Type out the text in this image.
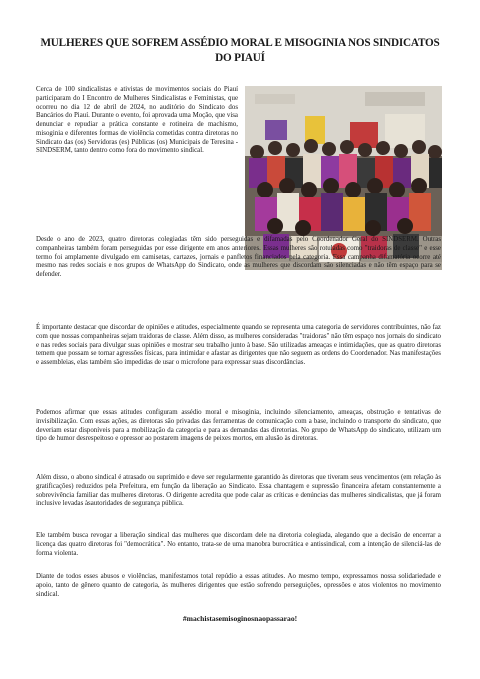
MULHERES QUE SOFREM ASSÉDIO MORAL E MISOGINIA NOS SINDICATOS DO PIAUÍ

Cerca de 100 sindicalistas e ativistas de movimentos sociais do Piauí participaram do I Encontro de Mulheres Sindicalistas e Feministas, que ocorreu no dia 12 de abril de 2024, no auditório do Sindicato dos Bancários do Piauí. Durante o evento, foi aprovada uma Moção, que visa denunciar e repudiar a prática constante e rotineira de machismo, misoginia e diferentes formas de violência cometidas contra diretoras no Sindicato das (os) Servidoras (es) Públicas (os) Municipais de Teresina - SINDSERM, tanto dentro como fora do movimento sindical.

Desde o ano de 2023, quatro diretoras colegiadas têm sido perseguidas e difamadas pelo Coordenador Geral do SINDSERM. Outras companheiras também foram perseguidas por esse dirigente em anos anteriores. Essas mulheres são rotuladas como "traidoras de classe" e esse termo foi amplamente divulgado em camisetas, cartazes, jornais e panfletos financiados pela categoria. Essa campanha difamatória ocorre até mesmo nas redes sociais e nos grupos de WhatsApp do Sindicato, onde as mulheres que discordam são silenciadas e não têm espaço para se defender.

É importante destacar que discordar de opiniões e atitudes, especialmente quando se representa uma categoria de servidores contribuintes, não faz com que nossas companheiras sejam traidoras de classe. Além disso, as mulheres consideradas "traidoras" não têm espaço nos jornais do sindicato e nas redes sociais para divulgar suas opiniões e mostrar seu trabalho junto à base. São utilizadas ameaças e intimidações, que as quatro diretoras temem que possam se tornar agressões físicas, para intimidar e afastar as dirigentes que não seguem as ordens do Coordenador. Nas manifestações e assembleias, elas também são impedidas de usar o microfone para expressar suas discordâncias.

Podemos afirmar que essas atitudes configuram assédio moral e misoginia, incluindo silenciamento, ameaças, obstrução e tentativas de invisibilização. Com essas ações, as diretoras são privadas das ferramentas de comunicação com a base, incluindo o transporte do sindicato, que deveriam estar disponíveis para a mobilização da categoria e para as demandas das diretorias. No grupo de WhatsApp do sindicato, utilizam um tipo de humor desrespeitoso e opressor ao postarem imagens de peixes mortos, em alusão às diretoras.

Além disso, o abono sindical é atrasado ou suprimido e deve ser regularmente garantido às diretoras que tiveram seus vencimentos (em relação às gratificações) reduzidos pela Prefeitura, em função da liberação ao Sindicato. Essa chantagem e supressão financeira afetam constantemente a sobrevivência familiar das mulheres diretoras. O dirigente acredita que pode calar as críticas e denúncias das mulheres sindicalistas, que já foram inclusive levadas àsautoridades de segurança pública.

Ele também busca revogar a liberação sindical das mulheres que discordam dele na diretoria colegiada, alegando que a decisão de encerrar a licença das quatro diretoras foi "democrática". No entanto, trata-se de uma manobra burocrática e antissindical, com a intenção de silenciá-las de forma violenta.

Diante de todos esses abusos e violências, manifestamos total repúdio a essas atitudes. Ao mesmo tempo, expressamos nossa solidariedade e apoio, tanto de gênero quanto de categoria, às mulheres dirigentes que estão sofrendo perseguições, opressões e atos violentos no movimento sindical.

#machistasemisoginosnaopassarao!
